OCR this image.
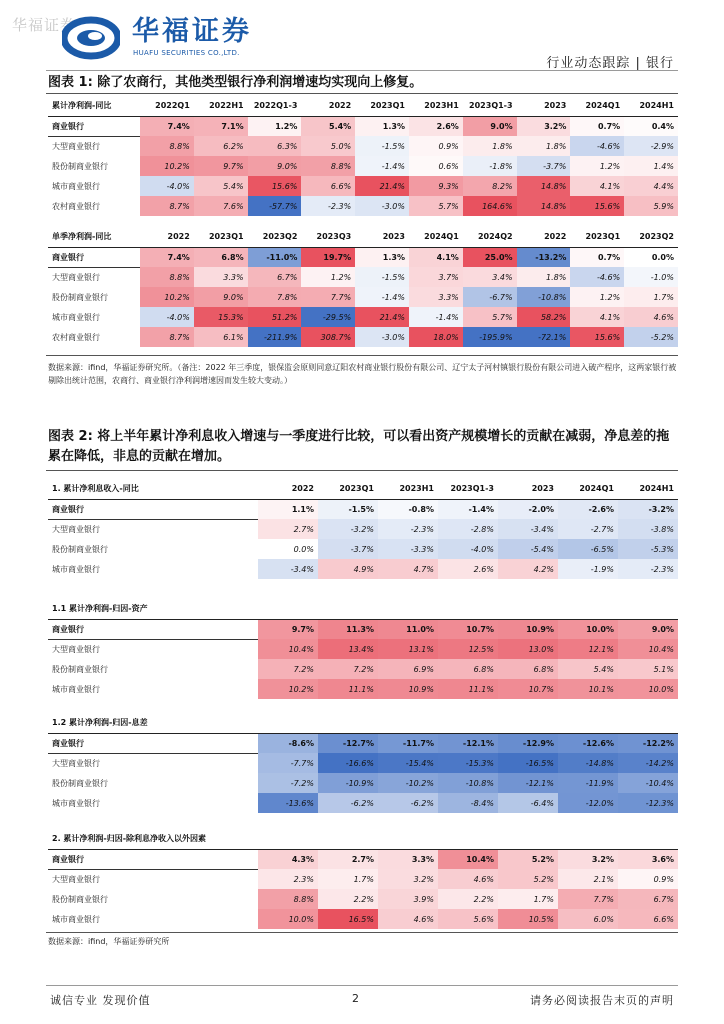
华福证券 华福证券
HUAFU SECURITIES CO.,LTD.
行业动态跟踪 | 银行
图表 1: 除了农商行，其他类型银行净利润增速均实现向上修复。
累计净利润-同比	2022Q1	2022H1	2022Q1-3	2022	2023Q1	2023H1	2023Q1-3	2023	2024Q1	2024H1
商业银行	7.4%	7.1%	1.2%	5.4%	1.3%	2.6%	9.0%	3.2%	0.7%	0.4%
大型商业银行	8.8%	6.2%	6.3%	5.0%	-1.5%	0.9%	1.8%	1.8%	-4.6%	-2.9%
股份制商业银行	10.2%	9.7%	9.0%	8.8%	-1.4%	0.6%	-1.8%	-3.7%	1.2%	1.4%
城市商业银行	-4.0%	5.4%	15.6%	6.6%	21.4%	9.3%	8.2%	14.8%	4.1%	4.4%
农村商业银行	8.7%	7.6%	-57.7%	-2.3%	-3.0%	5.7%	164.6%	14.8%	15.6%	5.9%
单季净利润-同比	2022	2023Q1	2023Q2	2023Q3	2023	2024Q1	2024Q2	2022	2023Q1	2023Q2
商业银行	7.4%	6.8%	-11.0%	19.7%	1.3%	4.1%	25.0%	-13.2%	0.7%	0.0%
大型商业银行	8.8%	3.3%	6.7%	1.2%	-1.5%	3.7%	3.4%	1.8%	-4.6%	-1.0%
股份制商业银行	10.2%	9.0%	7.8%	7.7%	-1.4%	3.3%	-6.7%	-10.8%	1.2%	1.7%
城市商业银行	-4.0%	15.3%	51.2%	-29.5%	21.4%	-1.4%	5.7%	58.2%	4.1%	4.6%
农村商业银行	8.7%	6.1%	-211.9%	308.7%	-3.0%	18.0%	-195.9%	-72.1%	15.6%	-5.2%
数据来源：ifind，华福证券研究所。（备注：2022 年三季度，银保监会原则同意辽阳农村商业银行股份有限公司、辽宁太子河村镇银行股份有限公司进入破产程序，这两家银行被剔除出统计范围，农商行、商业银行净利润增速因而发生较大变动。）
图表 2: 将上半年累计净利息收入增速与一季度进行比较，可以看出资产规模增长的贡献在减弱，净息差的拖累在降低，非息的贡献在增加。
1. 累计净利息收入-同比	2022	2023Q1	2023H1	2023Q1-3	2023	2024Q1	2024H1
商业银行	1.1%	-1.5%	-0.8%	-1.4%	-2.0%	-2.6%	-3.2%
大型商业银行	2.7%	-3.2%	-2.3%	-2.8%	-3.4%	-2.7%	-3.8%
股份制商业银行	0.0%	-3.7%	-3.3%	-4.0%	-5.4%	-6.5%	-5.3%
城市商业银行	-3.4%	4.9%	4.7%	2.6%	4.2%	-1.9%	-2.3%
1.1 累计净利润-归因-资产							
商业银行	9.7%	11.3%	11.0%	10.7%	10.9%	10.0%	9.0%
大型商业银行	10.4%	13.4%	13.1%	12.5%	13.0%	12.1%	10.4%
股份制商业银行	7.2%	7.2%	6.9%	6.8%	6.8%	5.4%	5.1%
城市商业银行	10.2%	11.1%	10.9%	11.1%	10.7%	10.1%	10.0%
1.2 累计净利润-归因-息差							
商业银行	-8.6%	-12.7%	-11.7%	-12.1%	-12.9%	-12.6%	-12.2%
大型商业银行	-7.7%	-16.6%	-15.4%	-15.3%	-16.5%	-14.8%	-14.2%
股份制商业银行	-7.2%	-10.9%	-10.2%	-10.8%	-12.1%	-11.9%	-10.4%
城市商业银行	-13.6%	-6.2%	-6.2%	-8.4%	-6.4%	-12.0%	-12.3%
2. 累计净利润-归因-除利息净收入以外因素							
商业银行	4.3%	2.7%	3.3%	10.4%	5.2%	3.2%	3.6%
大型商业银行	2.3%	1.7%	3.2%	4.6%	5.2%	2.1%	0.9%
股份制商业银行	8.8%	2.2%	3.9%	2.2%	1.7%	7.7%	6.7%
城市商业银行	10.0%	16.5%	4.6%	5.6%	10.5%	6.0%	6.6%
数据来源：ifind，华福证券研究所
诚信专业 发现价值	2	请务必阅读报告末页的声明
